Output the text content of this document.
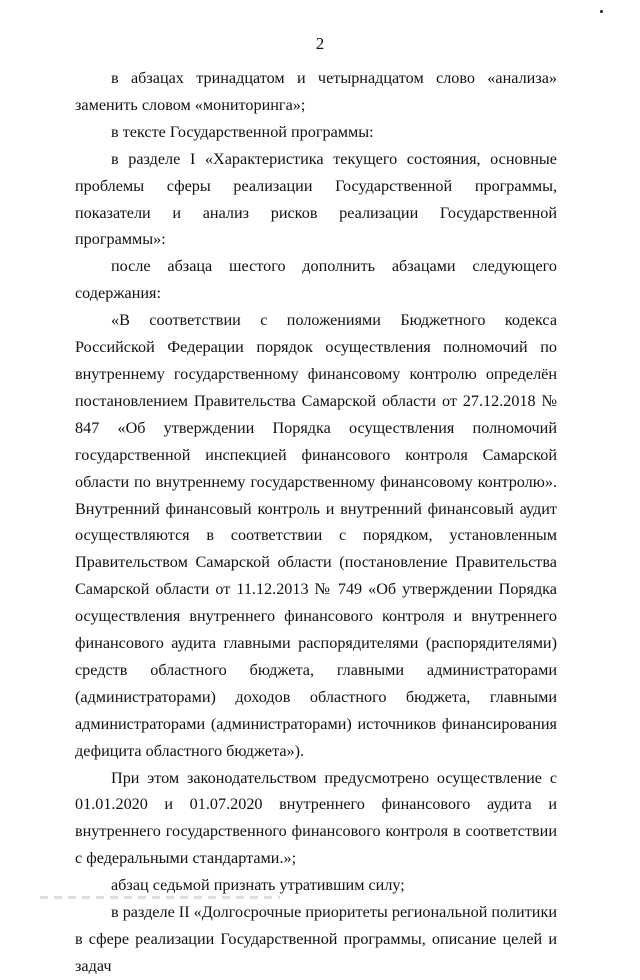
2

в абзацах тринадцатом и четырнадцатом слово «анализа» заменить словом «мониторинга»;

в тексте Государственной программы:

в разделе I «Характеристика текущего состояния, основные проблемы сферы реализации Государственной программы, показатели и анализ рисков реализации Государственной программы»:

после абзаца шестого дополнить абзацами следующего содержания:

«В соответствии с положениями Бюджетного кодекса Российской Федерации порядок осуществления полномочий по внутреннему государственному финансовому контролю определён постановлением Правительства Самарской области от 27.12.2018 № 847 «Об утверждении Порядка осуществления полномочий государственной инспекцией финансового контроля Самарской области по внутреннему государственному финансовому контролю». Внутренний финансовый контроль и внутренний финансовый аудит осуществляются в соответствии с порядком, установленным Правительством Самарской области (постановление Правительства Самарской области от 11.12.2013 № 749 «Об утверждении Порядка осуществления внутреннего финансового контроля и внутреннего финансового аудита главными распорядителями (распорядителями) средств областного бюджета, главными администраторами (администраторами) доходов областного бюджета, главными администраторами (администраторами) источников финансирования дефицита областного бюджета»).

При этом законодательством предусмотрено осуществление с 01.01.2020 и 01.07.2020 внутреннего финансового аудита и внутреннего государственного финансового контроля в соответствии с федеральными стандартами.»;

абзац седьмой признать утратившим силу;

в разделе II «Долгосрочные приоритеты региональной политики в сфере реализации Государственной программы, описание целей и задач
